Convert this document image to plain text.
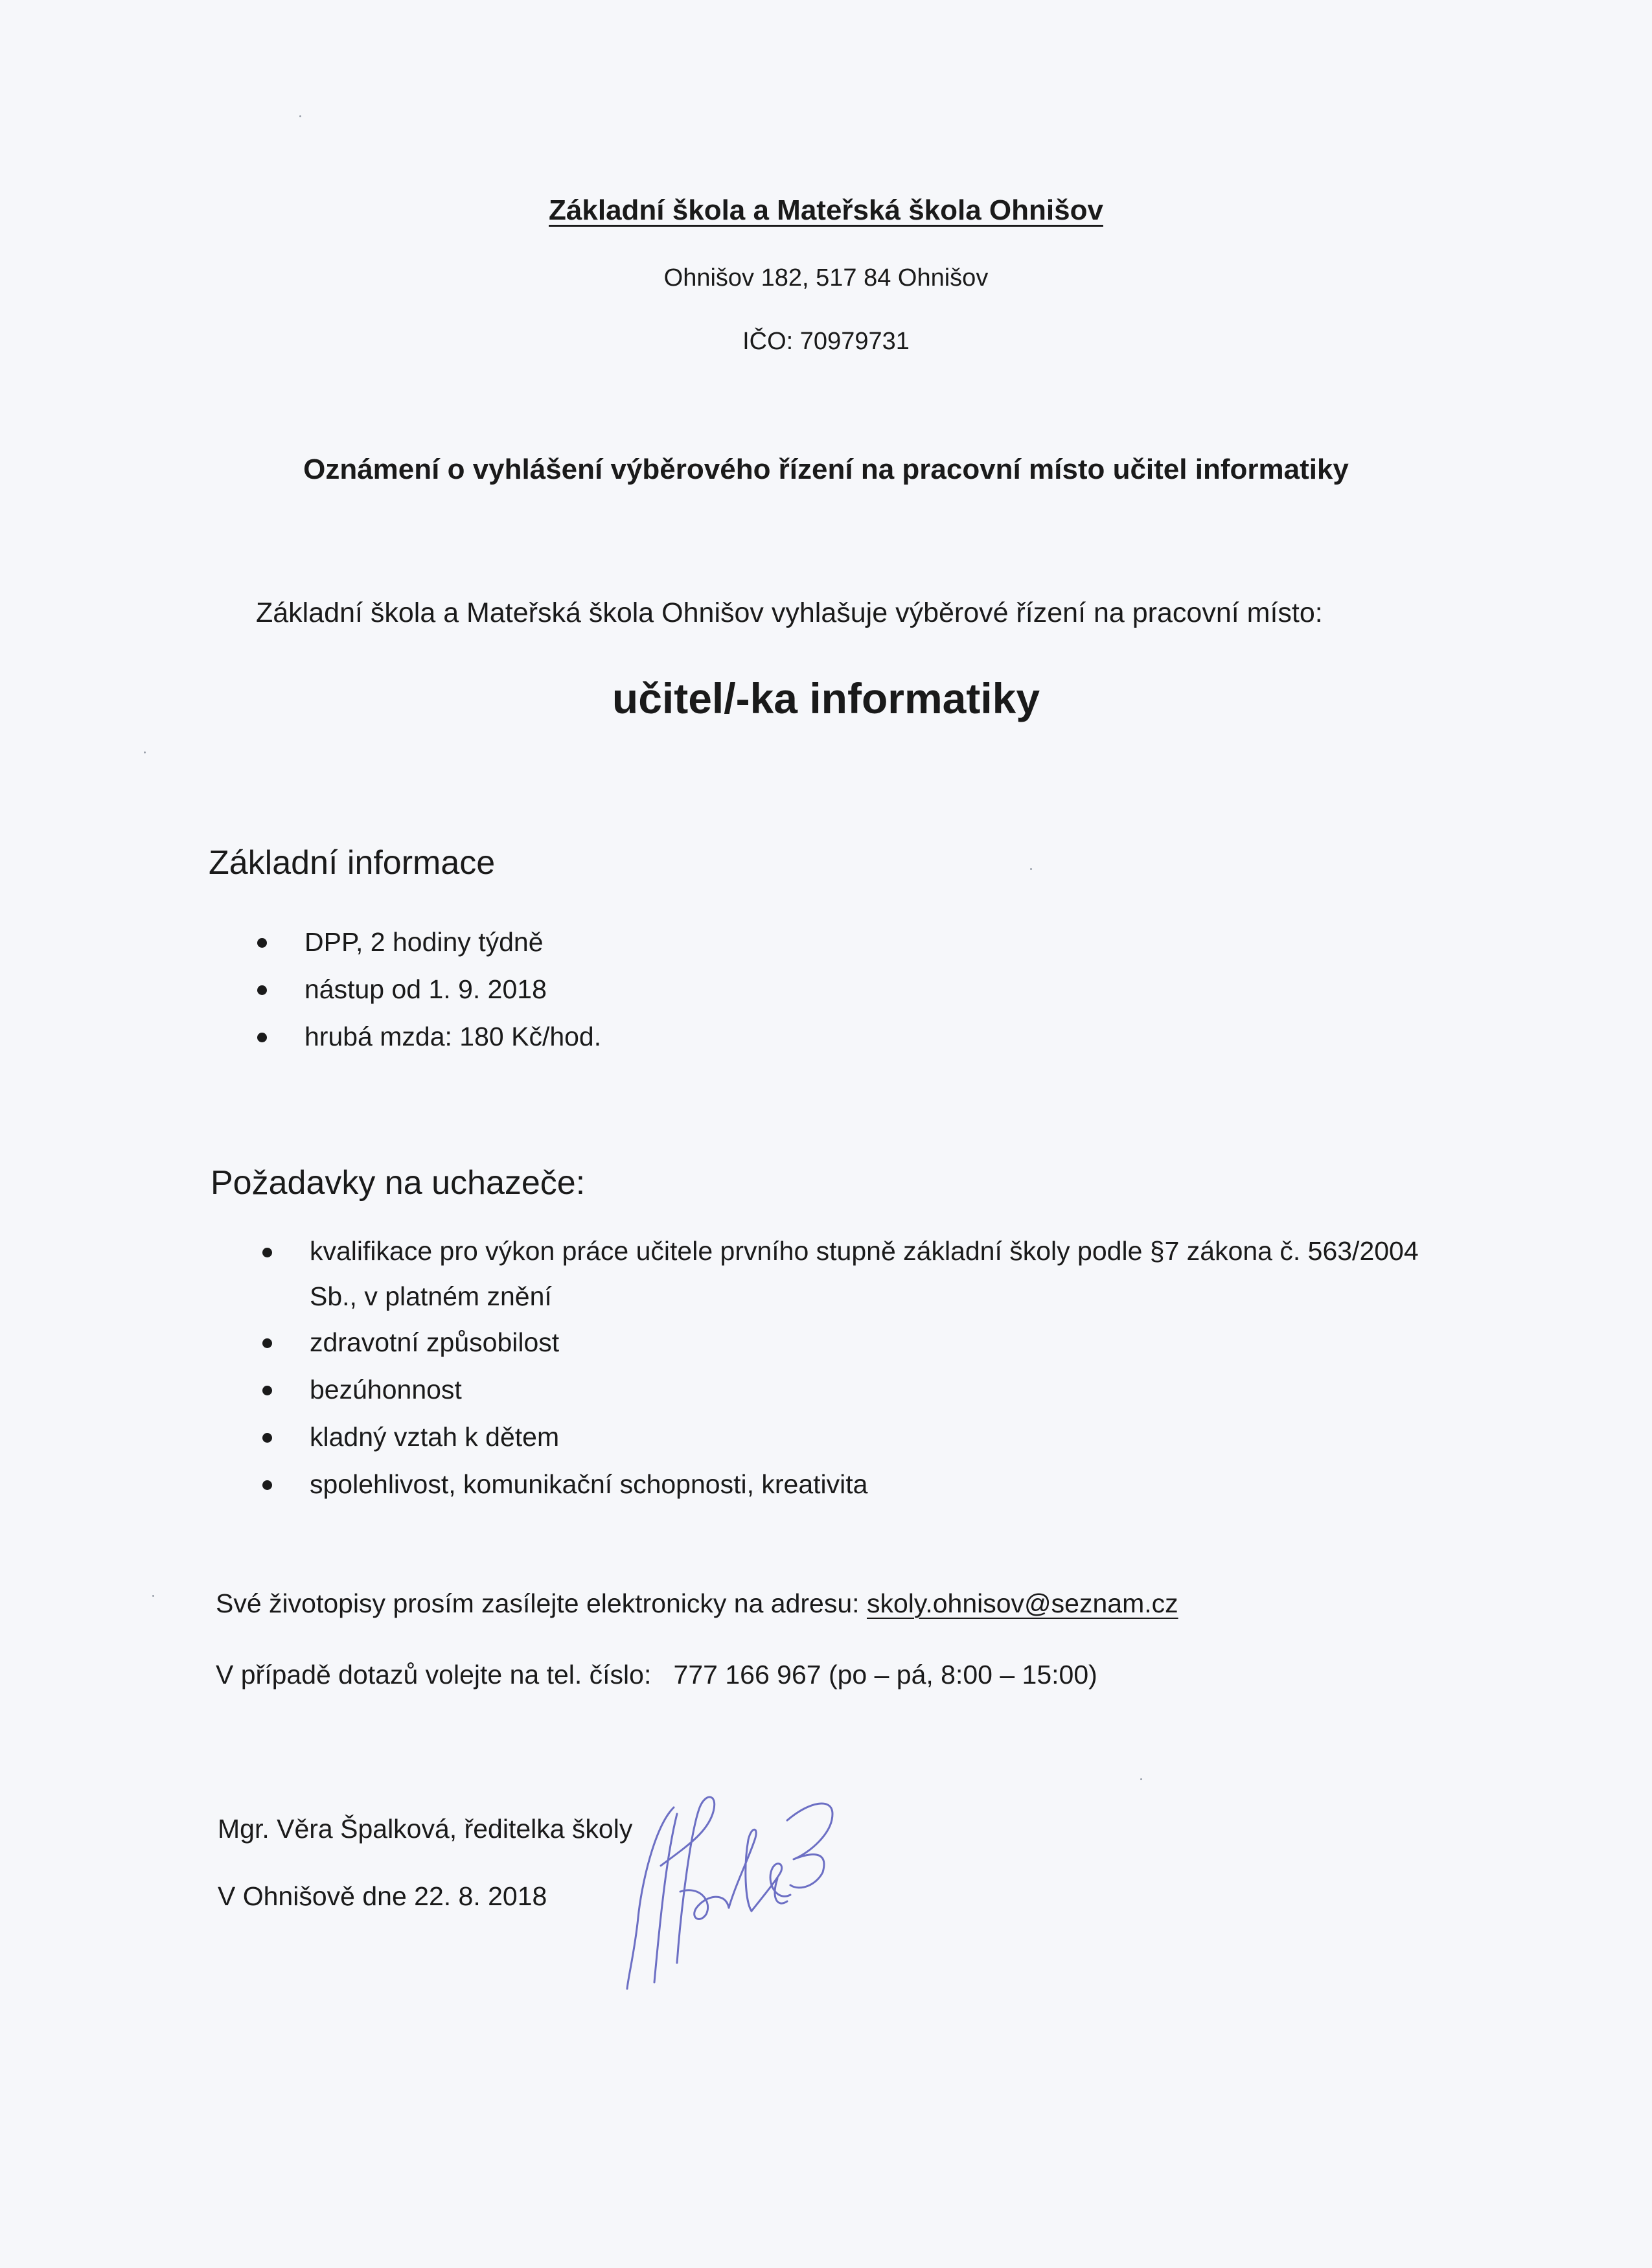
Základní škola a Mateřská škola Ohnišov

Ohnišov 182, 517 84 Ohnišov

IČO: 70979731

Oznámení o vyhlášení výběrového řízení na pracovní místo učitel informatiky

Základní škola a Mateřská škola Ohnišov vyhlašuje výběrové řízení na pracovní místo:

učitel/-ka informatiky

Základní informace

DPP, 2 hodiny týdně
nástup od 1. 9. 2018
hrubá mzda: 180 Kč/hod.

Požadavky na uchazeče:

kvalifikace pro výkon práce učitele prvního stupně základní školy podle §7 zákona č. 563/2004 Sb., v platném znění
zdravotní způsobilost
bezúhonnost
kladný vztah k dětem
spolehlivost, komunikační schopnosti, kreativita

Své životopisy prosím zasílejte elektronicky na adresu: skoly.ohnisov@seznam.cz

V případě dotazů volejte na tel. číslo: 777 166 967 (po – pá, 8:00 – 15:00)

Mgr. Věra Špalková, ředitelka školy

V Ohnišově dne 22. 8. 2018
